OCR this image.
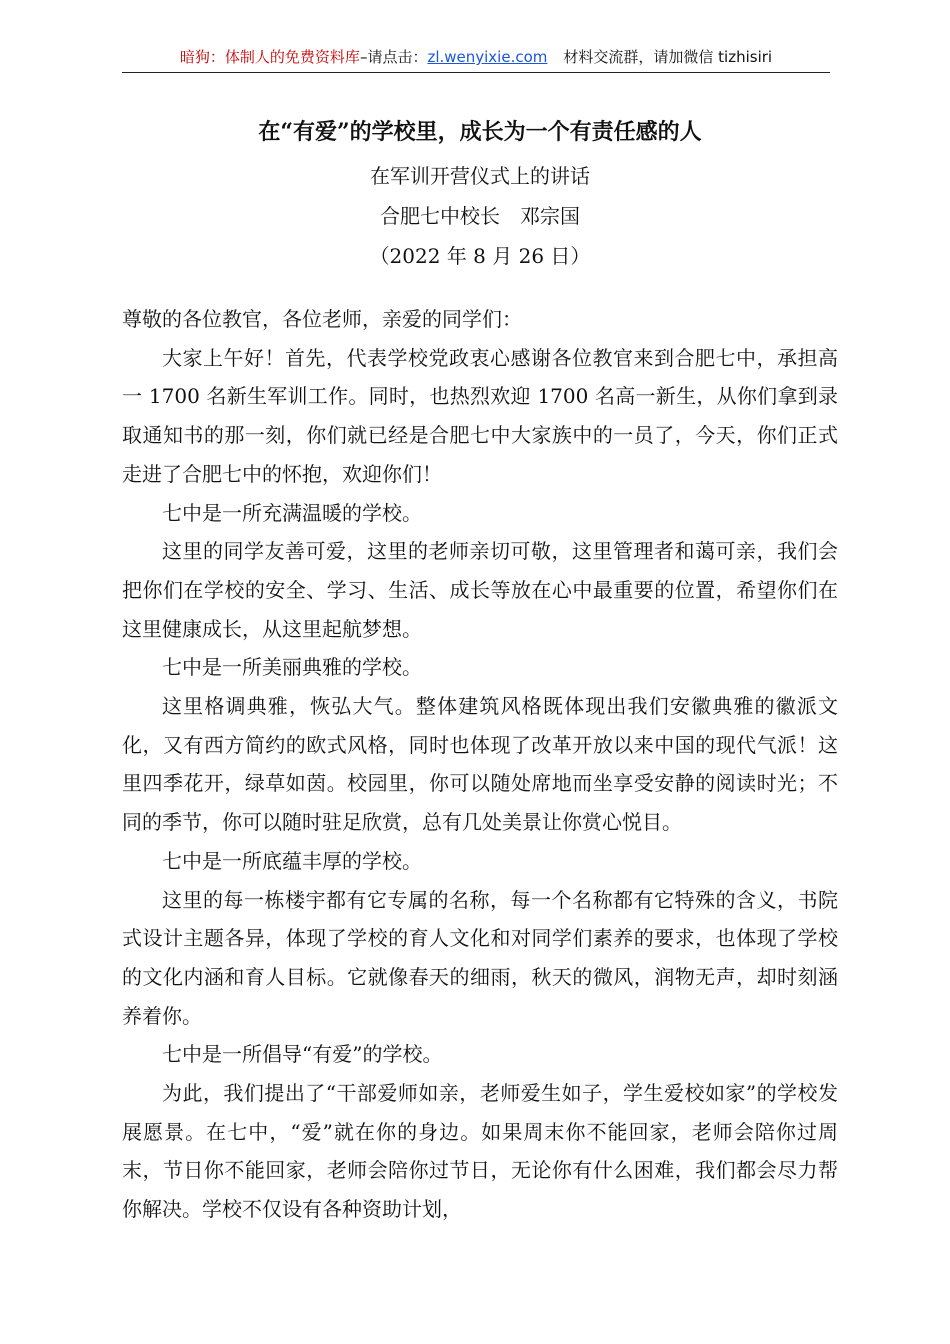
暗狗：体制人的免费资料库–请点击：zl.wenyixie.com 材料交流群，请加微信 tizhisiri
在“有爱”的学校里，成长为一个有责任感的人
在军训开营仪式上的讲话
合肥七中校长　邓宗国
（2022 年 8 月 26 日）

尊敬的各位教官，各位老师，亲爱的同学们：

大家上午好！首先，代表学校党政衷心感谢各位教官来到合肥七中，承担高一 1700 名新生军训工作。同时，也热烈欢迎 1700 名高一新生，从你们拿到录取通知书的那一刻，你们就已经是合肥七中大家族中的一员了，今天，你们正式走进了合肥七中的怀抱，欢迎你们！

七中是一所充满温暖的学校。

这里的同学友善可爱，这里的老师亲切可敬，这里管理者和蔼可亲，我们会把你们在学校的安全、学习、生活、成长等放在心中最重要的位置，希望你们在这里健康成长，从这里起航梦想。

七中是一所美丽典雅的学校。

这里格调典雅，恢弘大气。整体建筑风格既体现出我们安徽典雅的徽派文化，又有西方简约的欧式风格，同时也体现了改革开放以来中国的现代气派！这里四季花开，绿草如茵。校园里，你可以随处席地而坐享受安静的阅读时光；不同的季节，你可以随时驻足欣赏，总有几处美景让你赏心悦目。

七中是一所底蕴丰厚的学校。

这里的每一栋楼宇都有它专属的名称，每一个名称都有它特殊的含义，书院式设计主题各异，体现了学校的育人文化和对同学们素养的要求，也体现了学校的文化内涵和育人目标。它就像春天的细雨，秋天的微风，润物无声，却时刻涵养着你。

七中是一所倡导“有爱”的学校。

为此，我们提出了“干部爱师如亲，老师爱生如子，学生爱校如家”的学校发展愿景。在七中，“爱”就在你的身边。如果周末你不能回家，老师会陪你过周末，节日你不能回家，老师会陪你过节日，无论你有什么困难，我们都会尽力帮你解决。学校不仅设有各种资助计划，
